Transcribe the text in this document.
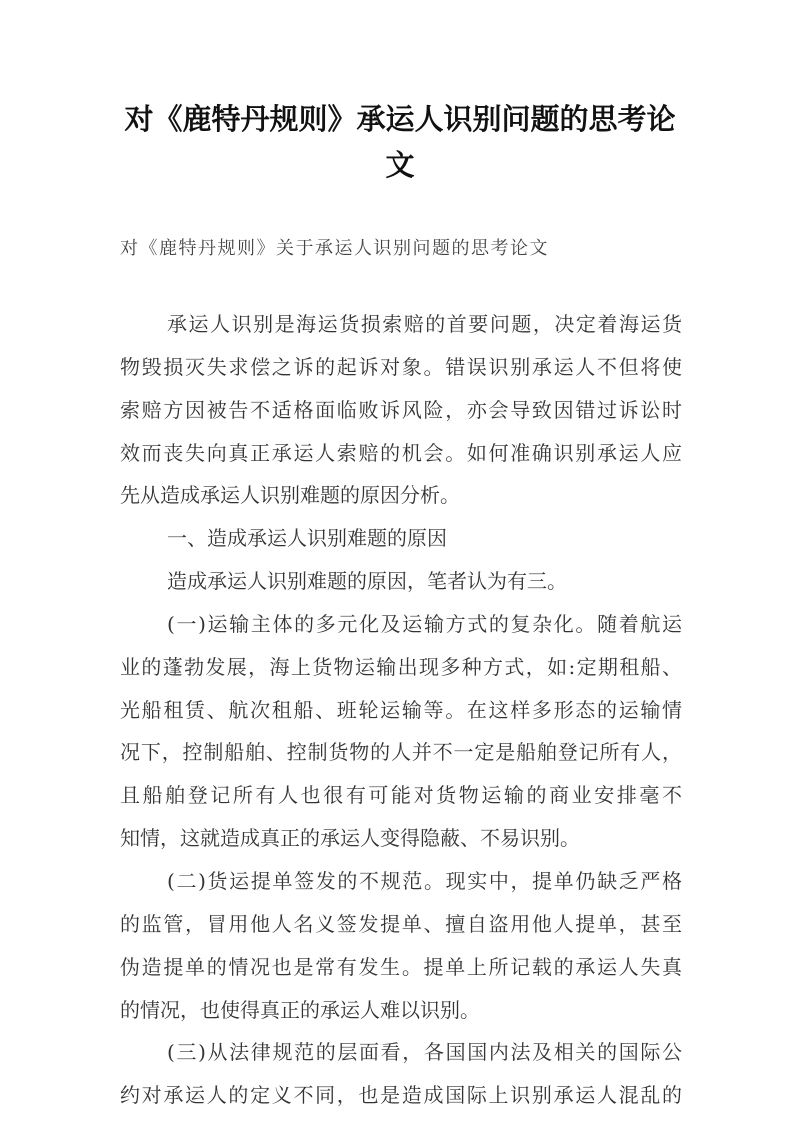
对《鹿特丹规则》承运人识别问题的思考论
文
对《鹿特丹规则》关于承运人识别问题的思考论文
承运人识别是海运货损索赔的首要问题，决定着海运货
物毁损灭失求偿之诉的起诉对象。错误识别承运人不但将使
索赔方因被告不适格面临败诉风险，亦会导致因错过诉讼时
效而丧失向真正承运人索赔的机会。如何准确识别承运人应
先从造成承运人识别难题的原因分析。
一、造成承运人识别难题的原因
造成承运人识别难题的原因，笔者认为有三。
(一)运输主体的多元化及运输方式的复杂化。随着航运
业的蓬勃发展，海上货物运输出现多种方式，如:定期租船、
光船租赁、航次租船、班轮运输等。在这样多形态的运输情
况下，控制船舶、控制货物的人并不一定是船舶登记所有人，
且船舶登记所有人也很有可能对货物运输的商业安排毫不
知情，这就造成真正的承运人变得隐蔽、不易识别。
(二)货运提单签发的不规范。现实中，提单仍缺乏严格
的监管，冒用他人名义签发提单、擅自盗用他人提单，甚至
伪造提单的情况也是常有发生。提单上所记载的承运人失真
的情况，也使得真正的承运人难以识别。
(三)从法律规范的层面看，各国国内法及相关的国际公
约对承运人的定义不同，也是造成国际上识别承运人混乱的
